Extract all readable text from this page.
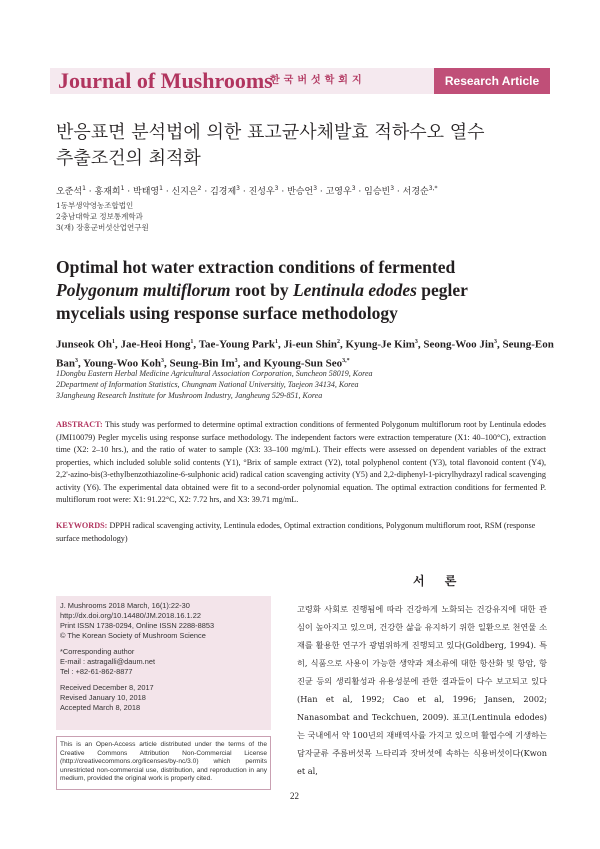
Journal of Mushrooms
한국버섯학회지	Research Article
반응표면 분석법에 의한 표고균사체발효 적하수오 열수
추출조건의 최적화
오준석$^1$ · 홍재희$^1$ · 박태영$^1$ · 신지은$^2$ · 김경제$^3$ · 진성우$^3$ · 반승언$^3$ · 고영우$^3$ · 임승빈$^3$ · 서경순$^{3,*}$
1동부생약영농조합법인
2충남대학교 정보통계학과
3(재) 장흥군버섯산업연구원
Optimal hot water extraction conditions of fermented
Polygonum multiflorum root by Lentinula edodes pegler
mycelials using response surface methodology
Junseok Oh$^1$, Jae-Heoi Hong$^1$, Tae-Young Park$^1$, Ji-eun Shin$^2$, Kyung-Je Kim$^3$, Seong-Woo Jin$^3$, Seung-Eon Ban$^3$, Young-Woo Koh$^3$, Seung-Bin Im$^3$, and Kyoung-Sun Seo$^{3,*}$
1Dongbu Eastern Herbal Medicine Agricultural Association Corporation, Suncheon 58019, Korea
2Department of Information Statistics, Chungnam National Universitiy, Taejeon 34134, Korea
3Jangheung Research Institute for Mushroom Industry, Jangheung 529-851, Korea
ABSTRACT: This study was performed to determine optimal extraction conditions of fermented Polygonum multiflorum root by Lentinula edodes (JMI10079) Pegler mycelis using response surface methodology. The independent factors were extraction temperature (X1: 40–100°C), extraction time (X2: 2–10 hrs.), and the ratio of water to sample (X3: 33–100 mg/mL). Their effects were assessed on dependent variables of the extract properties, which included soluble solid contents (Y1), °Brix of sample extract (Y2), total polyphenol content (Y3), total flavonoid content (Y4), 2,2'-azino-bis(3-ethylbenzothiazoline-6-sulphonic acid) radical cation scavenging activity (Y5) and 2,2-diphenyl-1-picrylhydrazyl radical scavenging activity (Y6). The experimental data obtained were fit to a second-order polynomial equation. The optimal extraction conditions for fermented P. multiflorum root were: X1: 91.22°C, X2: 7.72 hrs, and X3: 39.71 mg/mL.
KEYWORDS: DPPH radical scavenging activity, Lentinula edodes, Optimal extraction conditions, Polygonum multiflorum root, RSM (response surface methodology)
서 론
J. Mushrooms 2018 March, 16(1):22-30
http://dx.doi.org/10.14480/JM.2018.16.1.22
Print ISSN 1738-0294, Online ISSN 2288-8853
© The Korean Society of Mushroom Science
*Corresponding author
E-mail : astragalli@daum.net
Tel : +82-61-862-8877
Received December 8, 2017
Revised January 10, 2018
Accepted March 8, 2018
This is an Open-Access article distributed under the terms of the Creative Commons Attribution Non-Commercial License (http://creativecommons.org/licenses/by-nc/3.0) which permits unrestricted non-commercial use, distribution, and reproduction in any medium, provided the original work is properly cited.
고령화 사회로 진행됨에 따라 건강하게 노화되는 건강유지에 대한 관심이 높아지고 있으며, 건강한 삶을 유지하기 위한 일환으로 천연물 소재를 활용한 연구가 광범위하게 진행되고 있다(Goldberg, 1994). 특히, 식품으로 사용이 가능한 생약과 채소류에 대한 항산화 및 항암, 항진균 등의 생리활성과 유용성분에 관한 결과들이 다수 보고되고 있다(Han et al, 1992; Cao et al, 1996; Jansen, 2002; Nanasombat and Teckchuen, 2009). 표고(Lentinula edodes)는 국내에서 약 100년의 재배역사를 가지고 있으며 활엽수에 기생하는 담자균류 주름버섯목 느타리과 잣버섯에 속하는 식용버섯이다(Kwon et al,
22
